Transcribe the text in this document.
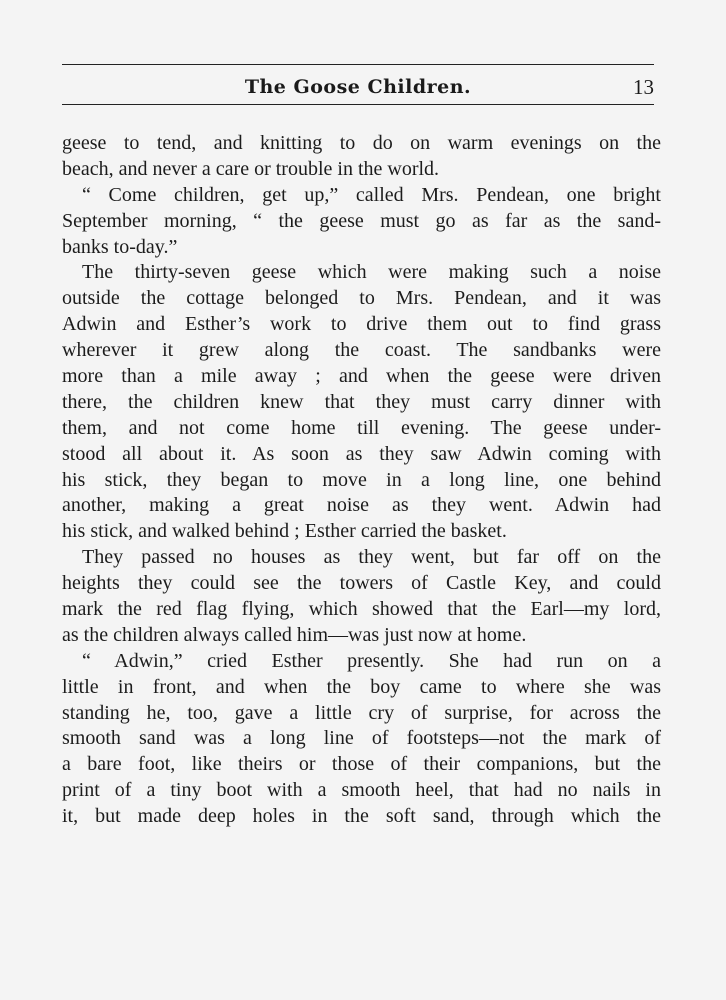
The Goose Children.	13
geese to tend, and knitting to do on warm evenings on the
beach, and never a care or trouble in the world.
“ Come children, get up,” called Mrs. Pendean, one bright
September morning, “ the geese must go as far as the sand-
banks to-day.”
The thirty-seven geese which were making such a noise
outside the cottage belonged to Mrs. Pendean, and it was
Adwin and Esther’s work to drive them out to find grass
wherever it grew along the coast. The sandbanks were
more than a mile away ; and when the geese were driven
there, the children knew that they must carry dinner with
them, and not come home till evening. The geese under-
stood all about it. As soon as they saw Adwin coming with
his stick, they began to move in a long line, one behind
another, making a great noise as they went. Adwin had
his stick, and walked behind ; Esther carried the basket.
They passed no houses as they went, but far off on the
heights they could see the towers of Castle Key, and could
mark the red flag flying, which showed that the Earl—my lord,
as the children always called him—was just now at home.
“ Adwin,” cried Esther presently. She had run on a
little in front, and when the boy came to where she was
standing he, too, gave a little cry of surprise, for across the
smooth sand was a long line of footsteps—not the mark of
a bare foot, like theirs or those of their companions, but the
print of a tiny boot with a smooth heel, that had no nails in
it, but made deep holes in the soft sand, through which the
